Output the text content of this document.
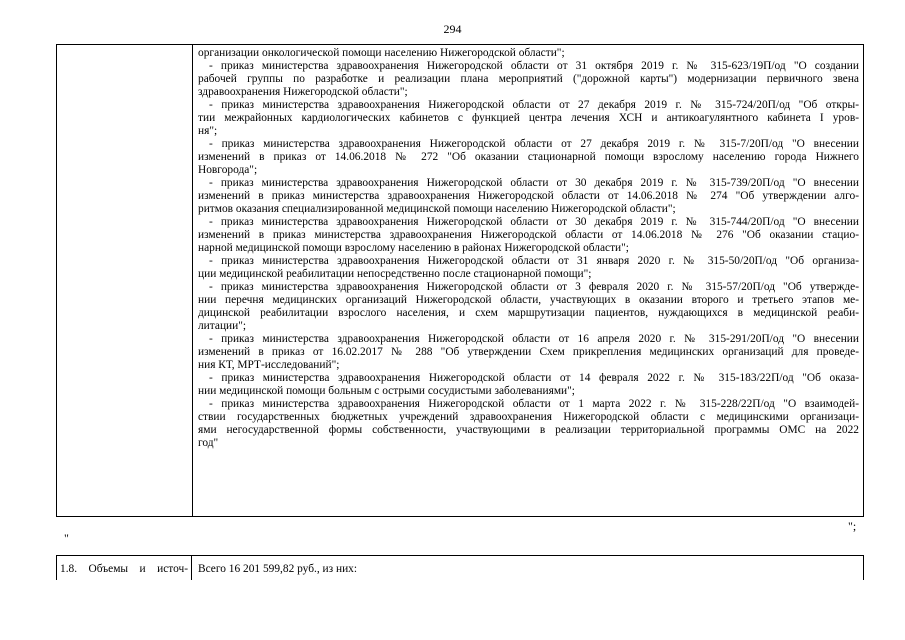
294
организации онкологической помощи населению Нижегородской области";
- приказ министерства здравоохранения Нижегородской области от 31 октября 2019 г. № 315-623/19П/од "О создании
рабочей группы по разработке и реализации плана мероприятий ("дорожной карты") модернизации первичного звена
здравоохранения Нижегородской области";
- приказ министерства здравоохранения Нижегородской области от 27 декабря 2019 г. № 315-724/20П/од "Об откры-
тии межрайонных кардиологических кабинетов с функцией центра лечения ХСН и антикоагулянтного кабинета I уров-
ня";
- приказ министерства здравоохранения Нижегородской области от 27 декабря 2019 г. № 315-7/20П/од "О внесении
изменений в приказ от 14.06.2018 № 272 "Об оказании стационарной помощи взрослому населению города Нижнего
Новгорода";
- приказ министерства здравоохранения Нижегородской области от 30 декабря 2019 г. № 315-739/20П/од "О внесении
изменений в приказ министерства здравоохранения Нижегородской области от 14.06.2018 № 274 "Об утверждении алго-
ритмов оказания специализированной медицинской помощи населению Нижегородской области";
- приказ министерства здравоохранения Нижегородской области от 30 декабря 2019 г. № 315-744/20П/од "О внесении
изменений в приказ министерства здравоохранения Нижегородской области от 14.06.2018 № 276 "Об оказании стацио-
нарной медицинской помощи взрослому населению в районах Нижегородской области";
- приказ министерства здравоохранения Нижегородской области от 31 января 2020 г. № 315-50/20П/од "Об организа-
ции медицинской реабилитации непосредственно после стационарной помощи";
- приказ министерства здравоохранения Нижегородской области от 3 февраля 2020 г. № 315-57/20П/од "Об утвержде-
нии перечня медицинских организаций Нижегородской области, участвующих в оказании второго и третьего этапов ме-
дицинской реабилитации взрослого населения, и схем маршрутизации пациентов, нуждающихся в медицинской реаби-
литации";
- приказ министерства здравоохранения Нижегородской области от 16 апреля 2020 г. № 315-291/20П/од "О внесении
изменений в приказ от 16.02.2017 № 288 "Об утверждении Схем прикрепления медицинских организаций для проведе-
ния КТ, МРТ-исследований";
- приказ министерства здравоохранения Нижегородской области от 14 февраля 2022 г. № 315-183/22П/од "Об оказа-
нии медицинской помощи больным с острыми сосудистыми заболеваниями";
- приказ министерства здравоохранения Нижегородской области от 1 марта 2022 г. № 315-228/22П/од "О взаимодей-
ствии государственных бюджетных учреждений здравоохранения Нижегородской области с медицинскими организаци-
ями негосударственной формы собственности, участвующими в реализации территориальной программы ОМС на 2022
год"
";
"
1.8. Объемы и источ- Всего 16 201 599,82 руб., из них:
